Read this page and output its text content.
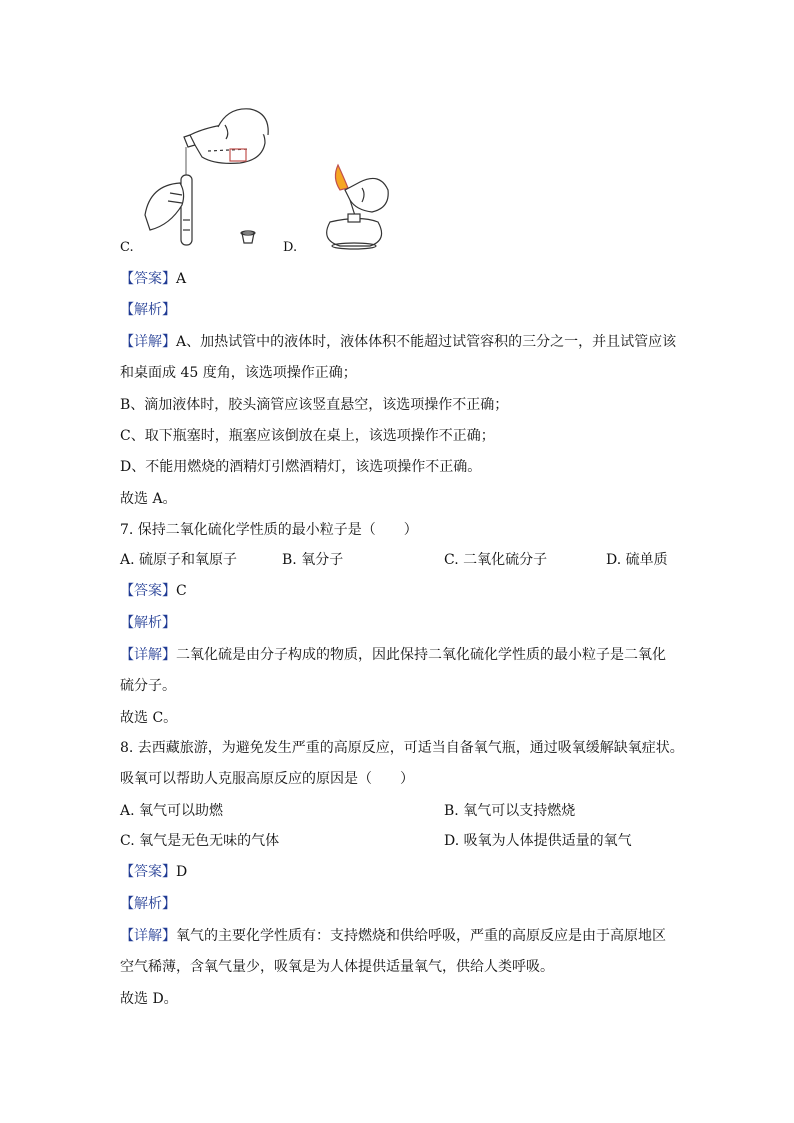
C.	D.
【答案】A
【解析】
【详解】A、加热试管中的液体时，液体体积不能超过试管容积的三分之一，并且试管应该
和桌面成 45 度角，该选项操作正确；
B、滴加液体时，胶头滴管应该竖直悬空，该选项操作不正确；
C、取下瓶塞时，瓶塞应该倒放在桌上，该选项操作不正确；
D、不能用燃烧的酒精灯引燃酒精灯，该选项操作不正确。
故选 A。
7. 保持二氧化硫化学性质的最小粒子是（　　）
A. 硫原子和氧原子	B. 氧分子	C. 二氧化硫分子	D. 硫单质
【答案】C
【解析】
【详解】二氧化硫是由分子构成的物质，因此保持二氧化硫化学性质的最小粒子是二氧化
硫分子。
故选 C。
8. 去西藏旅游，为避免发生严重的高原反应，可适当自备氧气瓶，通过吸氧缓解缺氧症状。
吸氧可以帮助人克服高原反应的原因是（　　）
A. 氧气可以助燃	B. 氧气可以支持燃烧
C. 氧气是无色无味的气体	D. 吸氧为人体提供适量的氧气
【答案】D
【解析】
【详解】氧气的主要化学性质有：支持燃烧和供给呼吸，严重的高原反应是由于高原地区
空气稀薄，含氧气量少，吸氧是为人体提供适量氧气，供给人类呼吸。
故选 D。
